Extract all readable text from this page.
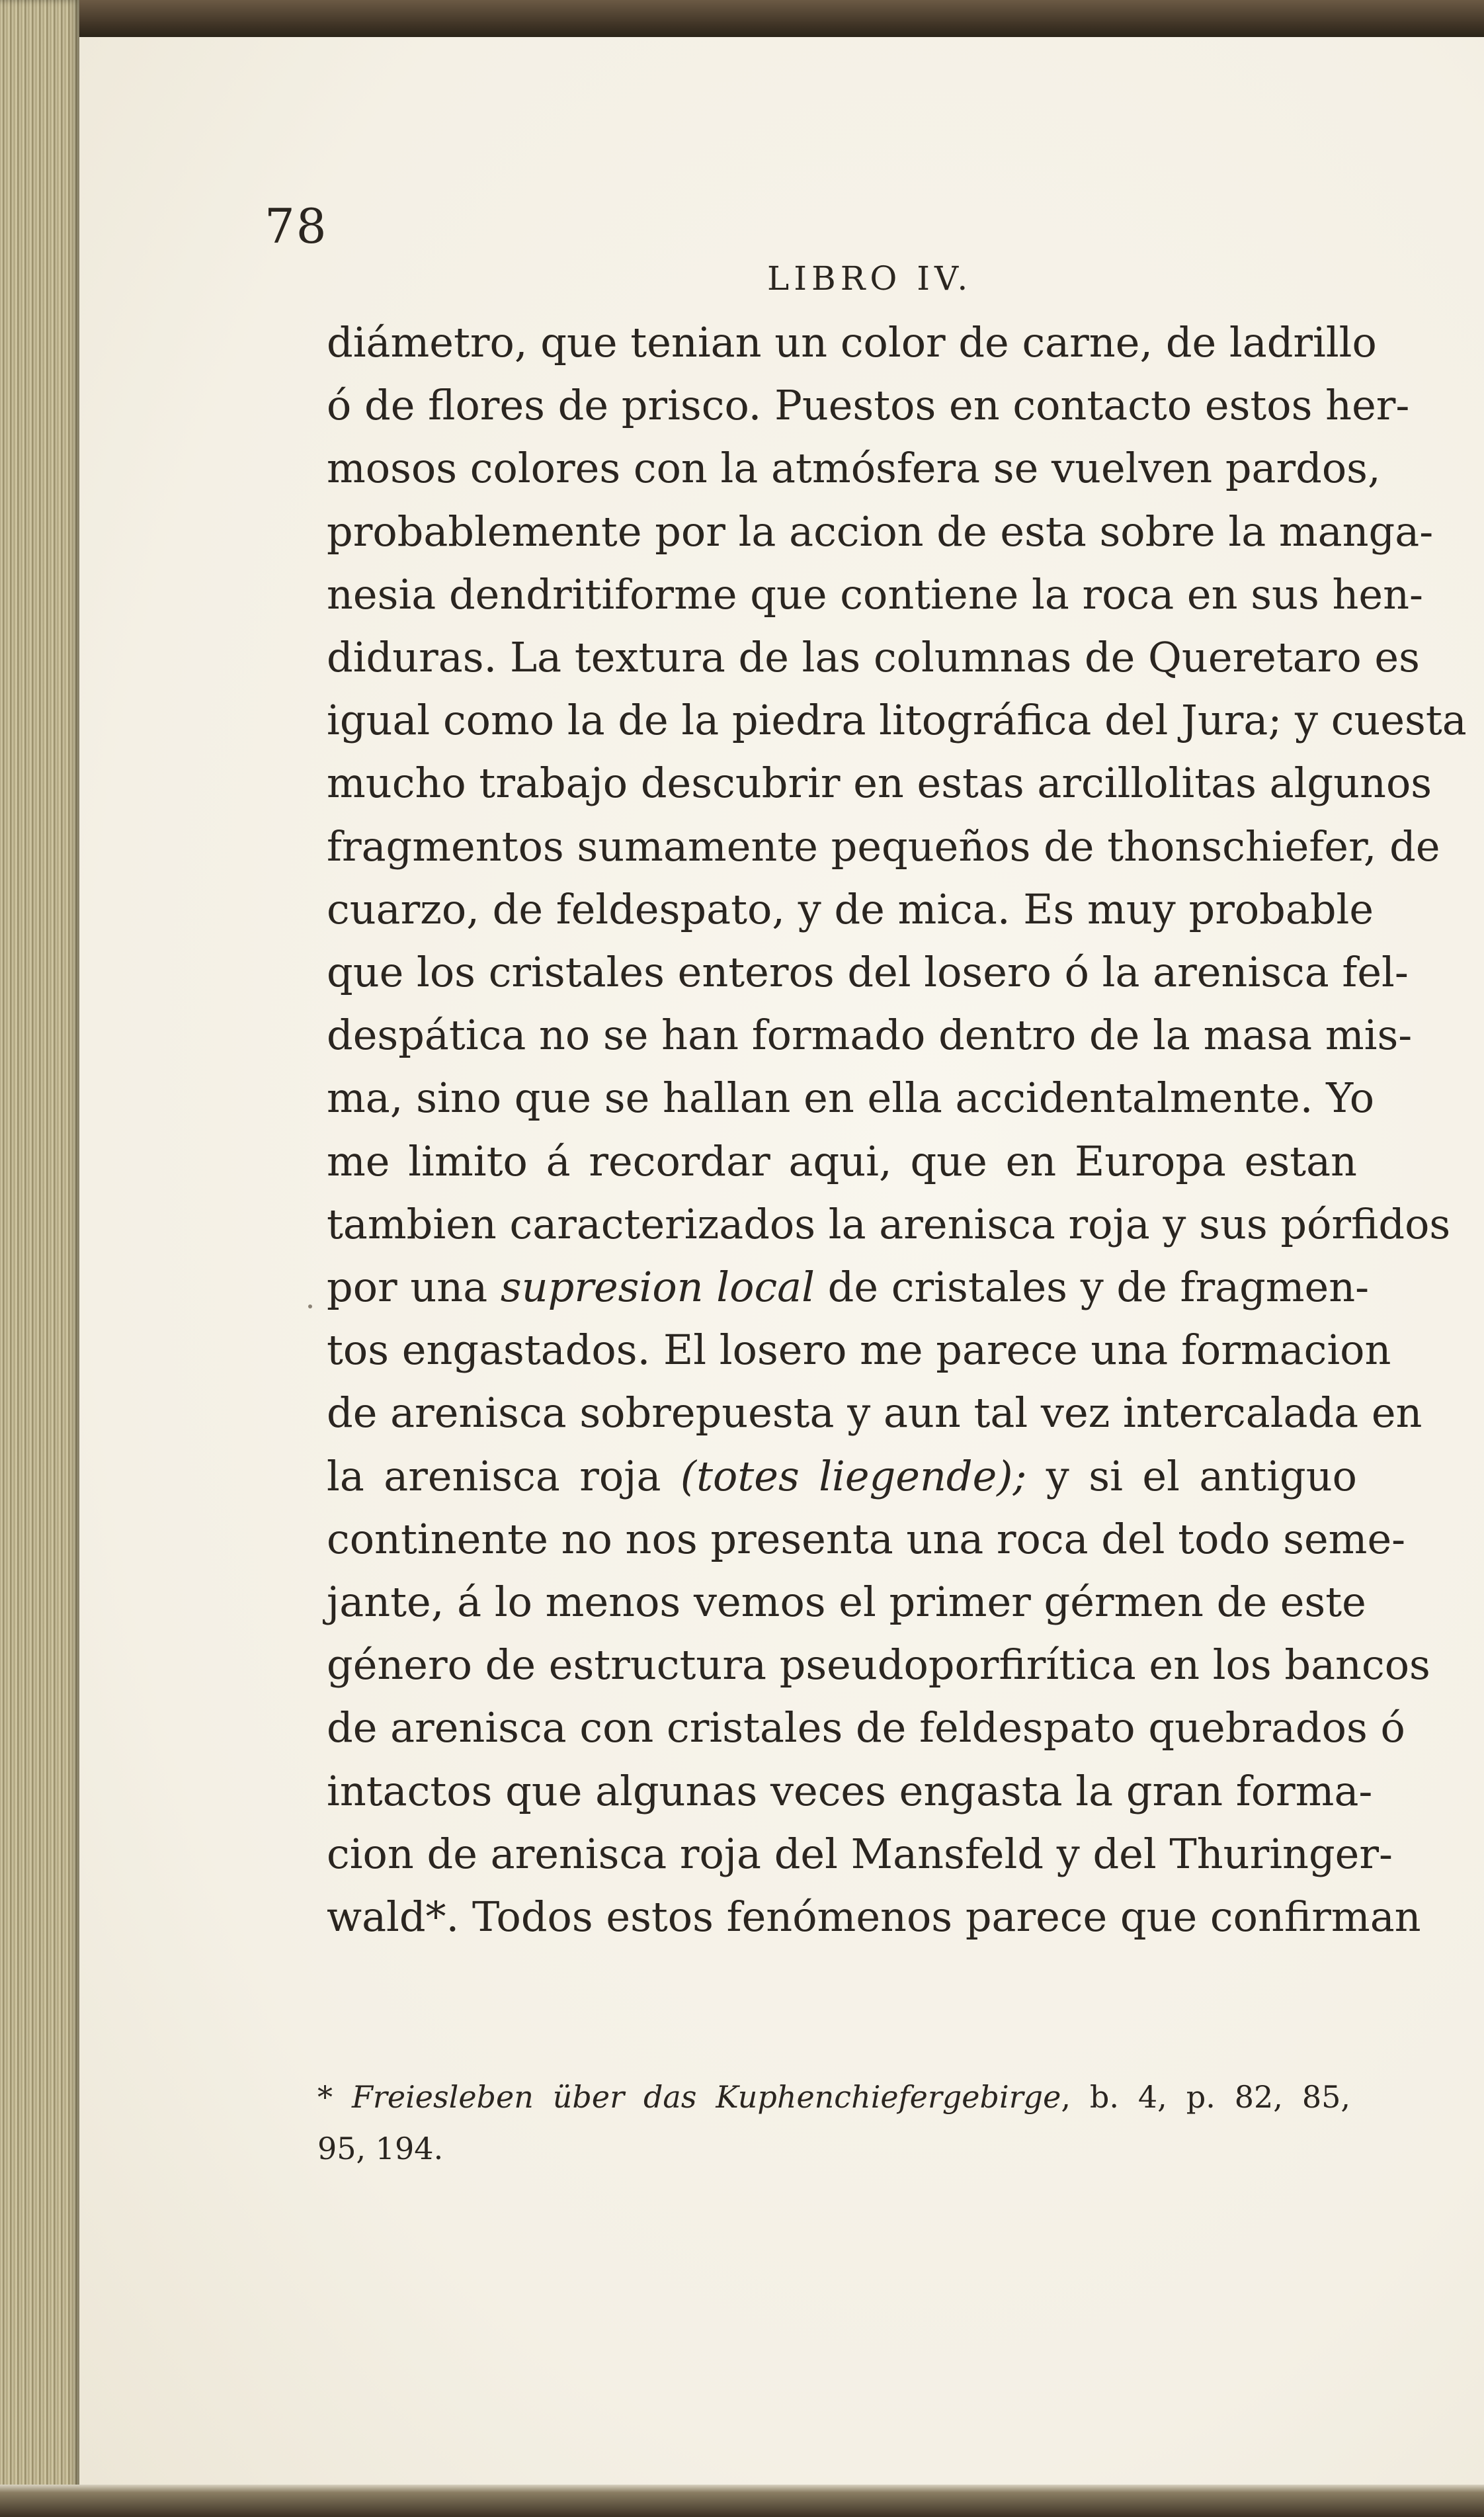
78
LIBRO IV.
diámetro, que tenian un color de carne, de ladrillo
ó de flores de prisco. Puestos en contacto estos her-
mosos colores con la atmósfera se vuelven pardos,
probablemente por la accion de esta sobre la manga-
nesia dendritiforme que contiene la roca en sus hen-
diduras. La textura de las columnas de Queretaro es
igual como la de la piedra litográfica del Jura; y cuesta
mucho trabajo descubrir en estas arcillolitas algunos
fragmentos sumamente pequeños de thonschiefer, de
cuarzo, de feldespato, y de mica. Es muy probable
que los cristales enteros del losero ó la arenisca fel-
despática no se han formado dentro de la masa mis-
ma, sino que se hallan en ella accidentalmente. Yo
me limito á recordar aqui, que en Europa estan
tambien caracterizados la arenisca roja y sus pórfidos
por una supresion local de cristales y de fragmen-
tos engastados. El losero me parece una formacion
de arenisca sobrepuesta y aun tal vez intercalada en
la arenisca roja (totes liegende); y si el antiguo
continente no nos presenta una roca del todo seme-
jante, á lo menos vemos el primer gérmen de este
género de estructura pseudoporfirítica en los bancos
de arenisca con cristales de feldespato quebrados ó
intactos que algunas veces engasta la gran forma-
cion de arenisca roja del Mansfeld y del Thuringer-
wald*. Todos estos fenómenos parece que confirman
* Freiesleben über das Kuphenchiefergebirge, b. 4, p. 82, 85,
95, 194.
